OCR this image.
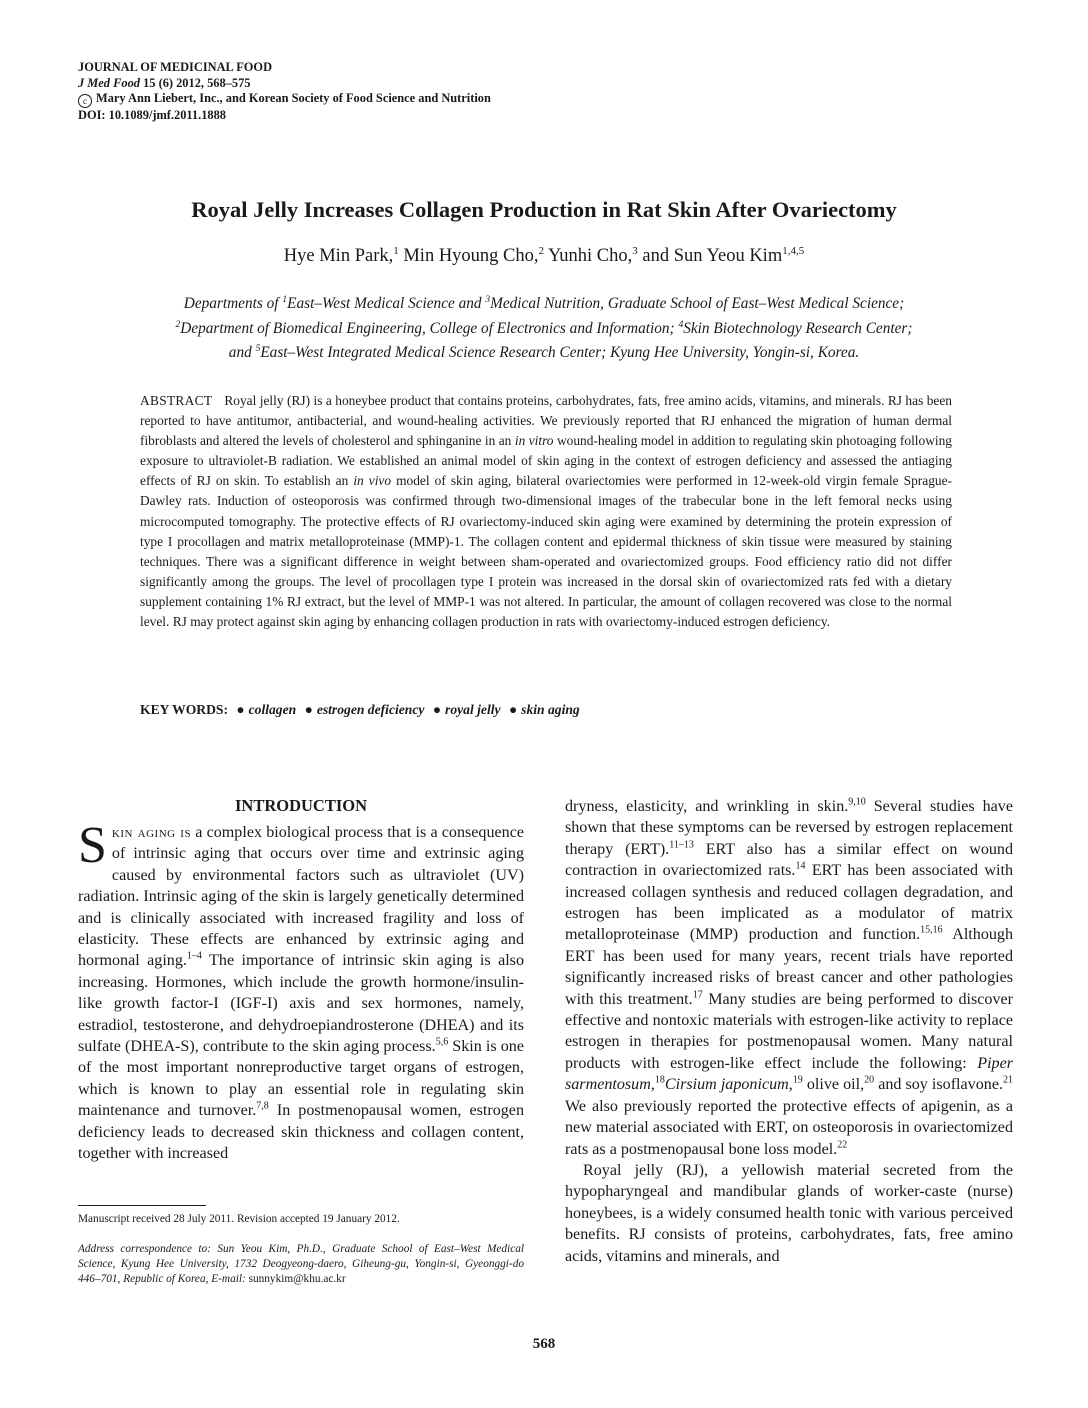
JOURNAL OF MEDICINAL FOOD
J Med Food 15 (6) 2012, 568–575
c Mary Ann Liebert, Inc., and Korean Society of Food Science and Nutrition
DOI: 10.1089/jmf.2011.1888
Royal Jelly Increases Collagen Production in Rat Skin After Ovariectomy
Hye Min Park,$^1$ Min Hyoung Cho,$^2$ Yunhi Cho,$^3$ and Sun Yeou Kim$^{1,4,5}$
Departments of $^1$East–West Medical Science and $^3$Medical Nutrition, Graduate School of East–West Medical Science;
$^2$Department of Biomedical Engineering, College of Electronics and Information; $^4$Skin Biotechnology Research Center;
and $^5$East–West Integrated Medical Science Research Center; Kyung Hee University, Yongin-si, Korea.
ABSTRACT Royal jelly (RJ) is a honeybee product that contains proteins, carbohydrates, fats, free amino acids, vitamins, and minerals. RJ has been reported to have antitumor, antibacterial, and wound-healing activities. We previously reported that RJ enhanced the migration of human dermal fibroblasts and altered the levels of cholesterol and sphinganine in an in vitro wound-healing model in addition to regulating skin photoaging following exposure to ultraviolet-B radiation. We established an animal model of skin aging in the context of estrogen deficiency and assessed the antiaging effects of RJ on skin. To establish an in vivo model of skin aging, bilateral ovariectomies were performed in 12-week-old virgin female Sprague-Dawley rats. Induction of osteoporosis was confirmed through two-dimensional images of the trabecular bone in the left femoral necks using microcomputed tomography. The protective effects of RJ ovariectomy-induced skin aging were examined by determining the protein expression of type I procollagen and matrix metalloproteinase (MMP)-1. The collagen content and epidermal thickness of skin tissue were measured by staining techniques. There was a significant difference in weight between sham-operated and ovariectomized groups. Food efficiency ratio did not differ significantly among the groups. The level of procollagen type I protein was increased in the dorsal skin of ovariectomized rats fed with a dietary supplement containing 1% RJ extract, but the level of MMP-1 was not altered. In particular, the amount of collagen recovered was close to the normal level. RJ may protect against skin aging by enhancing collagen production in rats with ovariectomy-induced estrogen deficiency.
KEY WORDS: ● collagen ● estrogen deficiency ● royal jelly ● skin aging
INTRODUCTION

Skin aging is a complex biological process that is a consequence of intrinsic aging that occurs over time and extrinsic aging caused by environmental factors such as ultraviolet (UV) radiation. Intrinsic aging of the skin is largely genetically determined and is clinically associated with increased fragility and loss of elasticity. These effects are enhanced by extrinsic aging and hormonal aging.$^{1-4}$ The importance of intrinsic skin aging is also increasing. Hormones, which include the growth hormone/insulin-like growth factor-I (IGF-I) axis and sex hormones, namely, estradiol, testosterone, and dehydroepiandrosterone (DHEA) and its sulfate (DHEA-S), contribute to the skin aging process.$^{5,6}$ Skin is one of the most important nonreproductive target organs of estrogen, which is known to play an essential role in regulating skin maintenance and turnover.$^{7,8}$ In postmenopausal women, estrogen deficiency leads to decreased skin thickness and collagen content, together with increased

dryness, elasticity, and wrinkling in skin.$^{9,10}$ Several studies have shown that these symptoms can be reversed by estrogen replacement therapy (ERT).$^{11-13}$ ERT also has a similar effect on wound contraction in ovariectomized rats.$^{14}$ ERT has been associated with increased collagen synthesis and reduced collagen degradation, and estrogen has been implicated as a modulator of matrix metalloproteinase (MMP) production and function.$^{15,16}$ Although ERT has been used for many years, recent trials have reported significantly increased risks of breast cancer and other pathologies with this treatment.$^{17}$ Many studies are being performed to discover effective and nontoxic materials with estrogen-like activity to replace estrogen in therapies for postmenopausal women. Many natural products with estrogen-like effect include the following: Piper sarmentosum,$^{18}$Cirsium japonicum,$^{19}$ olive oil,$^{20}$ and soy isoflavone.$^{21}$ We also previously reported the protective effects of apigenin, as a new material associated with ERT, on osteoporosis in ovariectomized rats as a postmenopausal bone loss model.$^{22}$

Royal jelly (RJ), a yellowish material secreted from the hypopharyngeal and mandibular glands of worker-caste (nurse) honeybees, is a widely consumed health tonic with various perceived benefits. RJ consists of proteins, carbohydrates, fats, free amino acids, vitamins and minerals, and

Manuscript received 28 July 2011. Revision accepted 19 January 2012.
Address correspondence to: Sun Yeou Kim, Ph.D., Graduate School of East–West Medical Science, Kyung Hee University, 1732 Deogyeong-daero, Giheung-gu, Yongin-si, Gyeonggi-do 446–701, Republic of Korea, E-mail: sunnykim@khu.ac.kr
568
